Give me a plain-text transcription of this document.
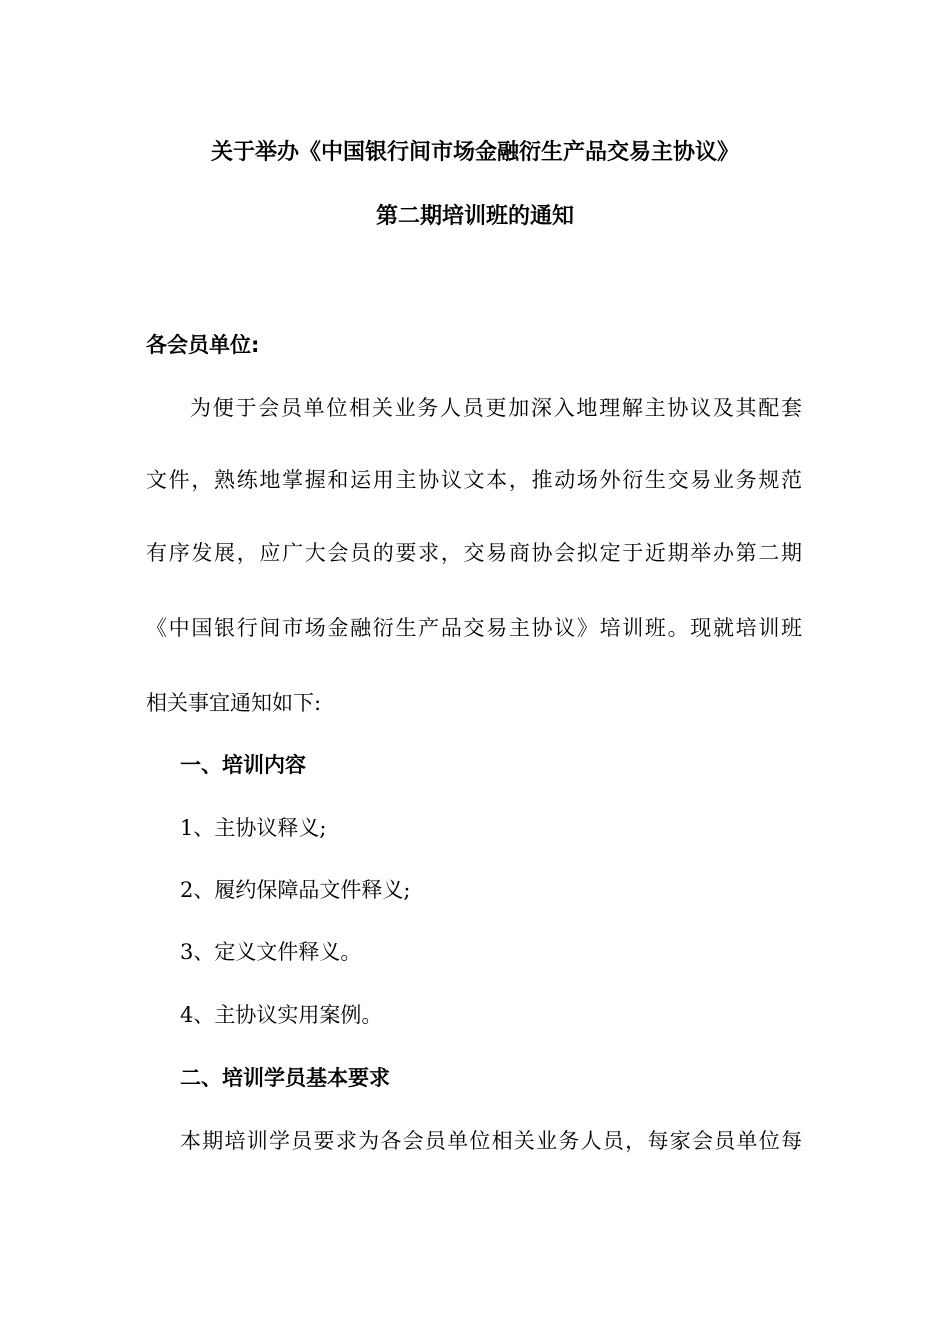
关于举办《中国银行间市场金融衍生产品交易主协议》
第二期培训班的通知
各会员单位:
为便于会员单位相关业务人员更加深入地理解主协议及其配套
文件，熟练地掌握和运用主协议文本，推动场外衍生交易业务规范
有序发展，应广大会员的要求，交易商协会拟定于近期举办第二期
《中国银行间市场金融衍生产品交易主协议》培训班。现就培训班
相关事宜通知如下:
一、培训内容
1、主协议释义;
2、履约保障品文件释义;
3、定义文件释义。
4、主协议实用案例。
二、培训学员基本要求
本期培训学员要求为各会员单位相关业务人员，每家会员单位每
